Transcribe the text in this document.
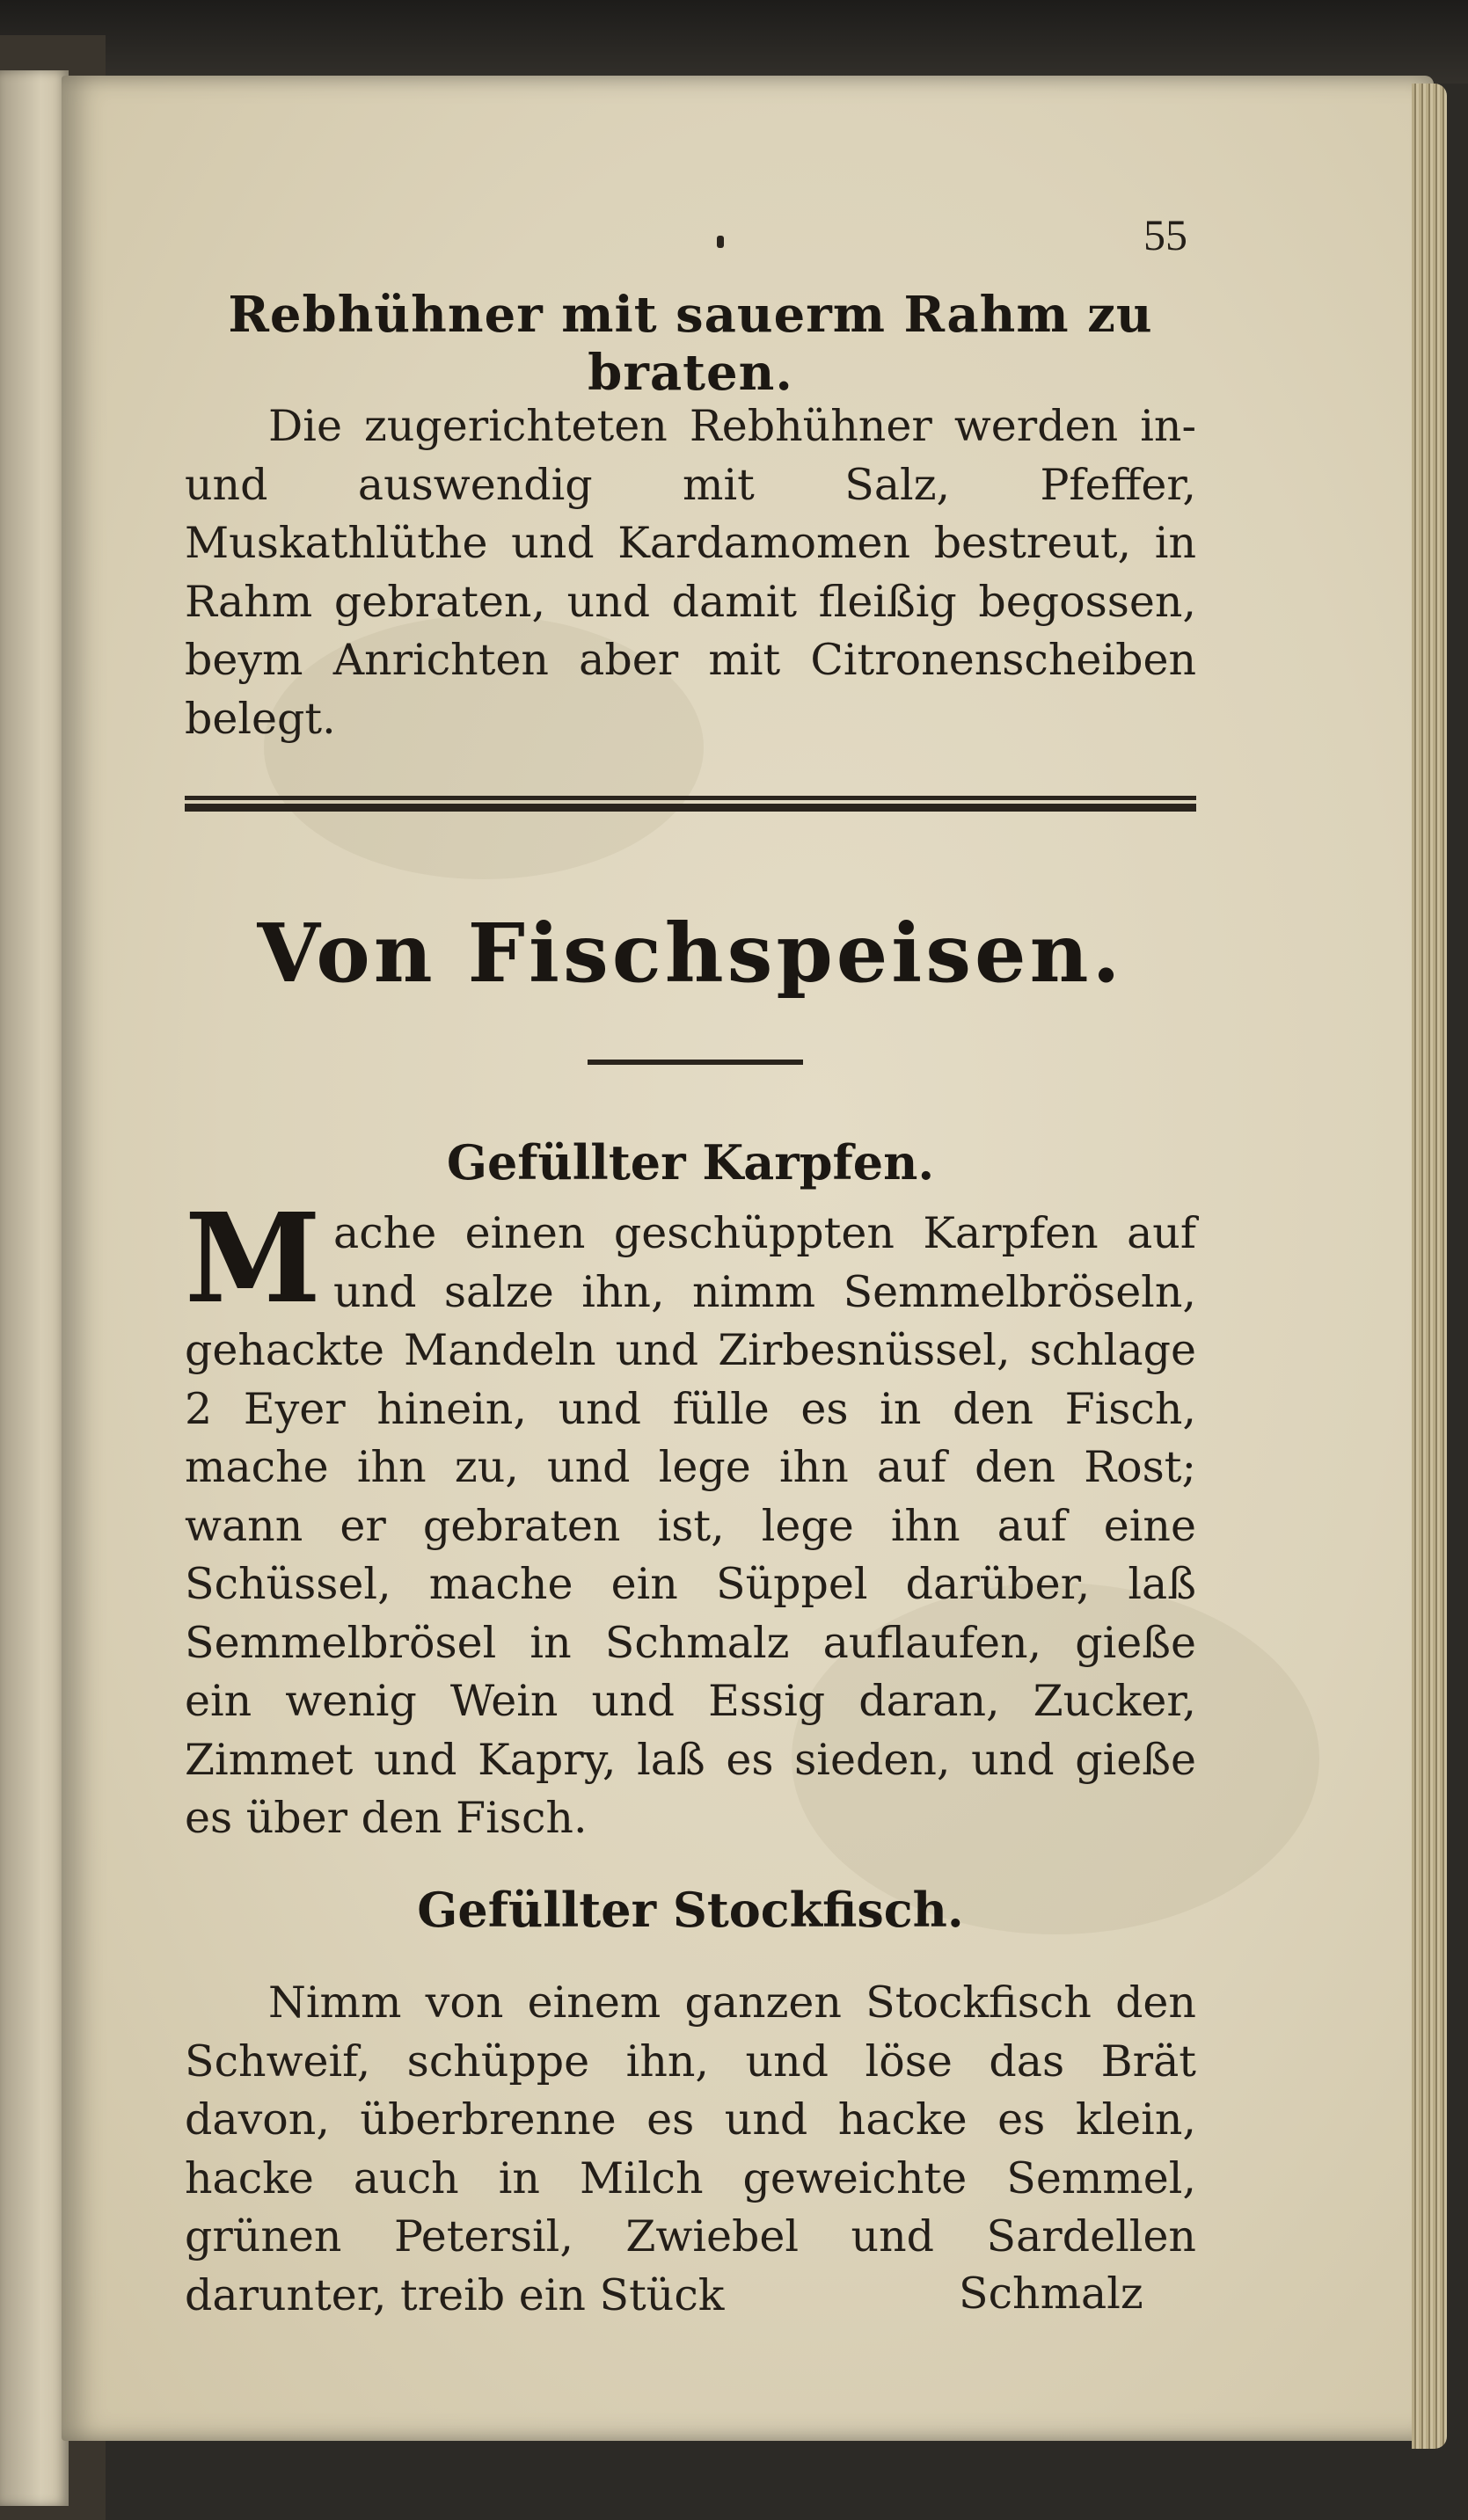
55
Rebhühner mit sauerm Rahm zu braten.

Die zugerichteten Rebhühner werden in- und auswendig mit Salz, Pfeffer, Muskathlüthe und Kardamomen bestreut, in Rahm gebraten, und damit fleißig begossen, beym Anrichten aber mit Citronenscheiben belegt.

Von Fischspeisen.
Gefüllter Karpfen.
M ache einen geschüppten Karpfen auf und salze ihn, nimm Semmelbröseln, gehackte Mandeln und Zirbesnüssel, schlage 2 Eyer hinein, und fülle es in den Fisch, mache ihn zu, und lege ihn auf den Rost; wann er gebraten ist, lege ihn auf eine Schüssel, mache ein Süppel darüber, laß Semmelbrösel in Schmalz auflaufen, gieße ein wenig Wein und Essig daran, Zucker, Zimmet und Kapry, laß es sieden, und gieße es über den Fisch.

Gefüllter Stockfisch.

Nimm von einem ganzen Stockfisch den Schweif, schüppe ihn, und löse das Brät davon, überbrenne es und hacke es klein, hacke auch in Milch geweichte Semmel, grünen Petersil, Zwiebel und Sardellen darunter, treib ein Stück	Schmalz
